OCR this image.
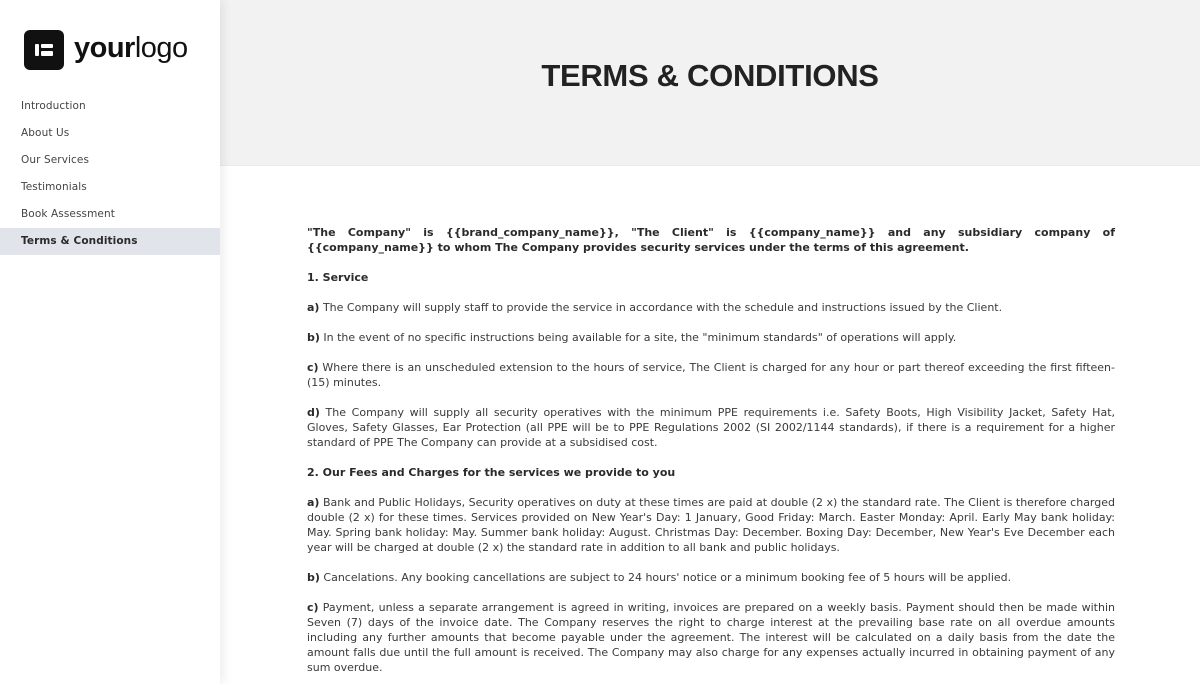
yourlogo
Introduction
About Us
Our Services
Testimonials
Book Assessment
Terms & Conditions
TERMS & CONDITIONS

"The Company" is {{brand_company_name}}, "The Client" is {{company_name}} and any subsidiary company of {{company_name}} to whom The Company provides security services under the terms of this agreement.

1. Service

a) The Company will supply staff to provide the service in accordance with the schedule and instructions issued by the Client.

b) In the event of no specific instructions being available for a site, the "minimum standards" of operations will apply.

c) Where there is an unscheduled extension to the hours of service, The Client is charged for any hour or part thereof exceeding the first fifteen-(15) minutes.

d) The Company will supply all security operatives with the minimum PPE requirements i.e. Safety Boots, High Visibility Jacket, Safety Hat, Gloves, Safety Glasses, Ear Protection (all PPE will be to PPE Regulations 2002 (SI 2002/1144 standards), if there is a requirement for a higher standard of PPE The Company can provide at a subsidised cost.

2. Our Fees and Charges for the services we provide to you

a) Bank and Public Holidays, Security operatives on duty at these times are paid at double (2 x) the standard rate. The Client is therefore charged double (2 x) for these times. Services provided on New Year's Day: 1 January, Good Friday: March. Easter Monday: April. Early May bank holiday: May. Spring bank holiday: May. Summer bank holiday: August. Christmas Day: December. Boxing Day: December, New Year's Eve December each year will be charged at double (2 x) the standard rate in addition to all bank and public holidays.

b) Cancelations. Any booking cancellations are subject to 24 hours' notice or a minimum booking fee of 5 hours will be applied.

c) Payment, unless a separate arrangement is agreed in writing, invoices are prepared on a weekly basis. Payment should then be made within Seven (7) days of the invoice date. The Company reserves the right to charge interest at the prevailing base rate on all overdue amounts including any further amounts that become payable under the agreement. The interest will be calculated on a daily basis from the date the amount falls due until the full amount is received. The Company may also charge for any expenses actually incurred in obtaining payment of any sum overdue.
